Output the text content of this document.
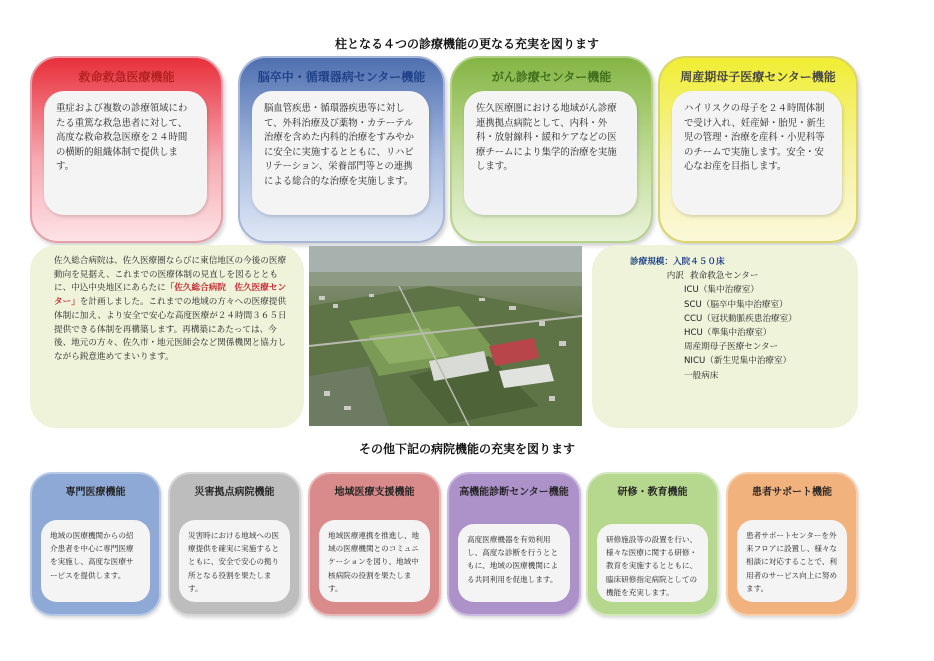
柱となる４つの診療機能の更なる充実を図ります
救命救急医療機能
重症および複数の診療領域にわたる重篤な救急患者に対して、高度な救命救急医療を２４時間の横断的組織体制で提供します。
脳卒中・循環器病センター機能
脳血管疾患・循環器疾患等に対して、外科治療及び薬物・カテーテル治療を含めた内科的治療をすみやかに安全に実施するとともに、リハビリテーション、栄養部門等との連携による総合的な治療を実施します。
がん診療センター機能
佐久医療圏における地域がん診療連携拠点病院として、内科・外科・放射線科・緩和ケアなどの医療チームにより集学的治療を実施します。
周産期母子医療センター機能
ハイリスクの母子を２４時間体制で受け入れ、妊産婦・胎児・新生児の管理・治療を産科・小児科等のチームで実施します。安全・安心なお産を目指します。
佐久総合病院は、佐久医療圏ならびに東信地区の今後の医療動向を見据え、これまでの医療体制の見直しを図るとともに、中込中央地区にあらたに「佐久総合病院　佐久医療センター」を計画しました。これまでの地域の方々への医療提供体制に加え、より安全で安心な高度医療が２４時間３６５日提供できる体制を再構築します。再構築にあたっては、今後、地元の方々、佐久市・地元医師会など関係機関と協力しながら鋭意進めてまいります。
診療規模：入院４５０床
内訳 救命救急センター
ICU（集中治療室）
SCU（脳卒中集中治療室）
CCU（冠状動脈疾患治療室）
HCU（準集中治療室）
周産期母子医療センター
NICU（新生児集中治療室）
一般病床
その他下記の病院機能の充実を図ります
専門医療機能
地域の医療機関からの紹介患者を中心に専門医療を実施し、高度な医療サービスを提供します。
災害拠点病院機能
災害時における地域への医療提供を確実に実施するとともに、安全で安心の拠り所となる役割を果たします。
地域医療支援機能
地域医療連携を推進し、地域の医療機関とのコミュニケーションを図り、地域中核病院の役割を果たします。
高機能診断センター機能
高度医療機器を有効利用し、高度な診断を行うとともに、地域の医療機関による共同利用を促進します。
研修・教育機能
研修施設等の設置を行い、様々な医療に関する研修・教育を実施するとともに、臨床研修指定病院としての機能を充実します。
患者サポート機能
患者サポートセンターを外来フロアに設置し、様々な相談に対応することで、利用者のサービス向上に努めます。
